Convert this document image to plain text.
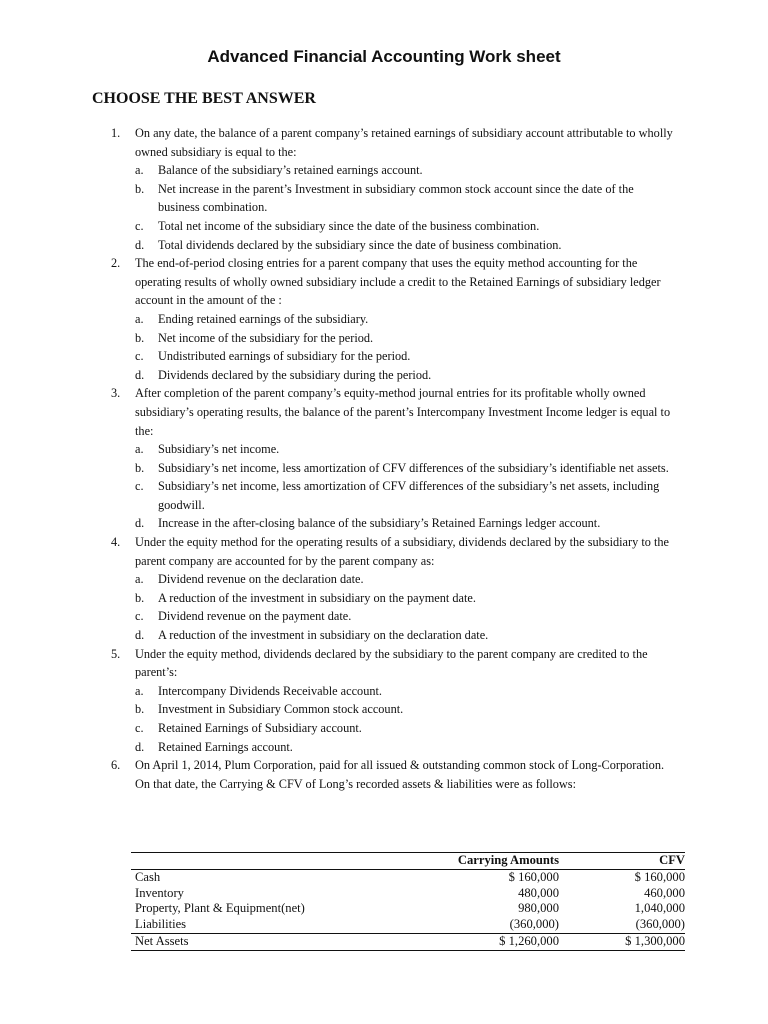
Advanced Financial Accounting Work sheet
CHOOSE THE BEST ANSWER
1. On any date, the balance of a parent company’s retained earnings of subsidiary account attributable to wholly owned subsidiary is equal to the:
a. Balance of the subsidiary’s retained earnings account.
b. Net increase in the parent’s Investment in subsidiary common stock account since the date of the business combination.
c. Total net income of the subsidiary since the date of the business combination.
d. Total dividends declared by the subsidiary since the date of business combination.
2. The end-of-period closing entries for a parent company that uses the equity method accounting for the operating results of wholly owned subsidiary include a credit to the Retained Earnings of subsidiary ledger account in the amount of the :
a. Ending retained earnings of the subsidiary.
b. Net income of the subsidiary for the period.
c. Undistributed earnings of subsidiary for the period.
d. Dividends declared by the subsidiary during the period.
3. After completion of the parent company’s equity-method journal entries for its profitable wholly owned subsidiary’s operating results, the balance of the parent’s Intercompany Investment Income ledger is equal to the:
a. Subsidiary’s net income.
b. Subsidiary’s net income, less amortization of CFV differences of the subsidiary’s identifiable net assets.
c. Subsidiary’s net income, less amortization of CFV differences of the subsidiary’s net assets, including goodwill.
d. Increase in the after-closing balance of the subsidiary’s Retained Earnings ledger account.
4. Under the equity method for the operating results of a subsidiary, dividends declared by the subsidiary to the parent company are accounted for by the parent company as:
a. Dividend revenue on the declaration date.
b. A reduction of the investment in subsidiary on the payment date.
c. Dividend revenue on the payment date.
d. A reduction of the investment in subsidiary on the declaration date.
5. Under the equity method, dividends declared by the subsidiary to the parent company are credited to the parent’s:
a. Intercompany Dividends Receivable account.
b. Investment in Subsidiary Common stock account.
c. Retained Earnings of Subsidiary account.
d. Retained Earnings account.
6. On April 1, 2014, Plum Corporation, paid for all issued & outstanding common stock of Long-Corporation. On that date, the Carrying & CFV of Long’s recorded assets & liabilities were as follows:
	Carrying Amounts	CFV
Cash	$ 160,000	$ 160,000
Inventory	480,000	460,000
Property, Plant & Equipment(net)	980,000	1,040,000
Liabilities	(360,000)	(360,000)
Net Assets	$ 1,260,000	$ 1,300,000
